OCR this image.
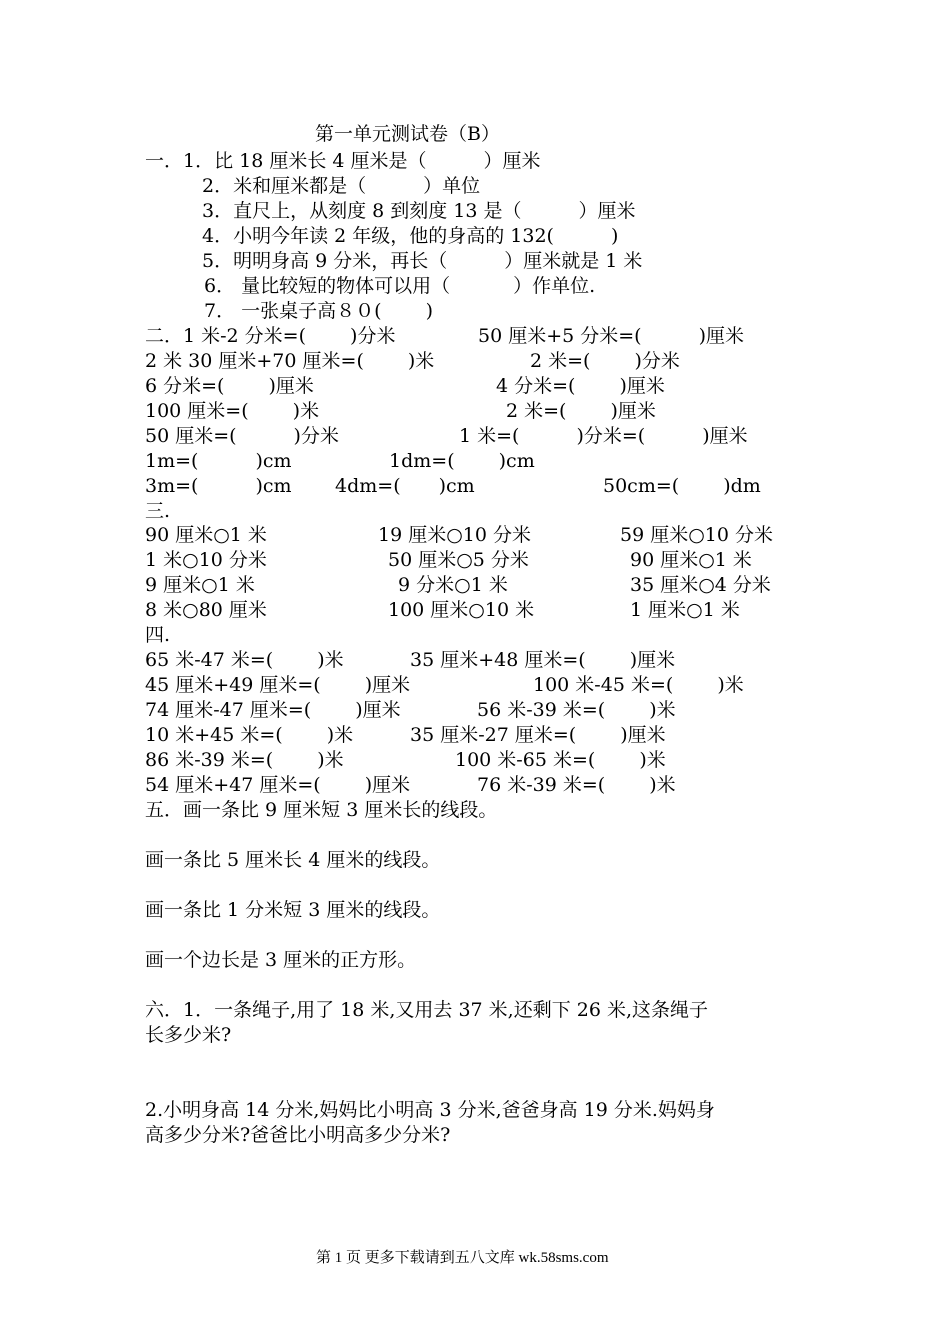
第一单元测试卷（B）
一．1．比 18 厘米长 4 厘米是（　　　）厘米
2．米和厘米都是（　　　）单位
3．直尺上，从刻度 8 到刻度 13 是（　　　）厘米
4．小明今年读 2 年级，他的身高的 132(　　　)
5．明明身高 9 分米，再长（　　　）厘米就是 1 米
6． 量比较短的物体可以用（　　　 ）作单位.
7． 一张桌子高８０(　　 )
二．1 米-2 分米=(　　 )分米	50 厘米+5 分米=(　　　)厘米
2 米 30 厘米+70 厘米=(　　 )米	2 米=(　　 )分米
6 分米=(　　 )厘米	4 分米=(　　 )厘米
100 厘米=(　　 )米	2 米=(　　 )厘米
50 厘米=(　　　)分米	1 米=(　　　)分米=(　　　)厘米
1m=(　　　)cm	1dm=(　　 )cm
3m=(　　　)cm 4dm=(　　)cm	50cm=(　　 )dm
三.
90 厘米○1 米	19 厘米○10 分米	59 厘米○10 分米
1 米○10 分米	50 厘米○5 分米	90 厘米○1 米
9 厘米○1 米	9 分米○1 米	35 厘米○4 分米
8 米○80 厘米	100 厘米○10 米	1 厘米○1 米
四.
65 米-47 米=(　　 )米	35 厘米+48 厘米=(　　 )厘米
45 厘米+49 厘米=(　　 )厘米	100 米-45 米=(　　 )米
74 厘米-47 厘米=(　　 )厘米	56 米-39 米=(　　 )米
10 米+45 米=(　　 )米	35 厘米-27 厘米=(　　 )厘米
86 米-39 米=(　　 )米	100 米-65 米=(　　 )米
54 厘米+47 厘米=(　　 )厘米	76 米-39 米=(　　 )米
五．画一条比 9 厘米短 3 厘米长的线段。
画一条比 5 厘米长 4 厘米的线段。
画一条比 1 分米短 3 厘米的线段。
画一个边长是 3 厘米的正方形。
六．1．一条绳子,用了 18 米,又用去 37 米,还剩下 26 米,这条绳子
长多少米?
2.小明身高 14 分米,妈妈比小明高 3 分米,爸爸身高 19 分米.妈妈身
高多少分米?爸爸比小明高多少分米?
第 1 页 更多下载请到五八文库 wk.58sms.com
